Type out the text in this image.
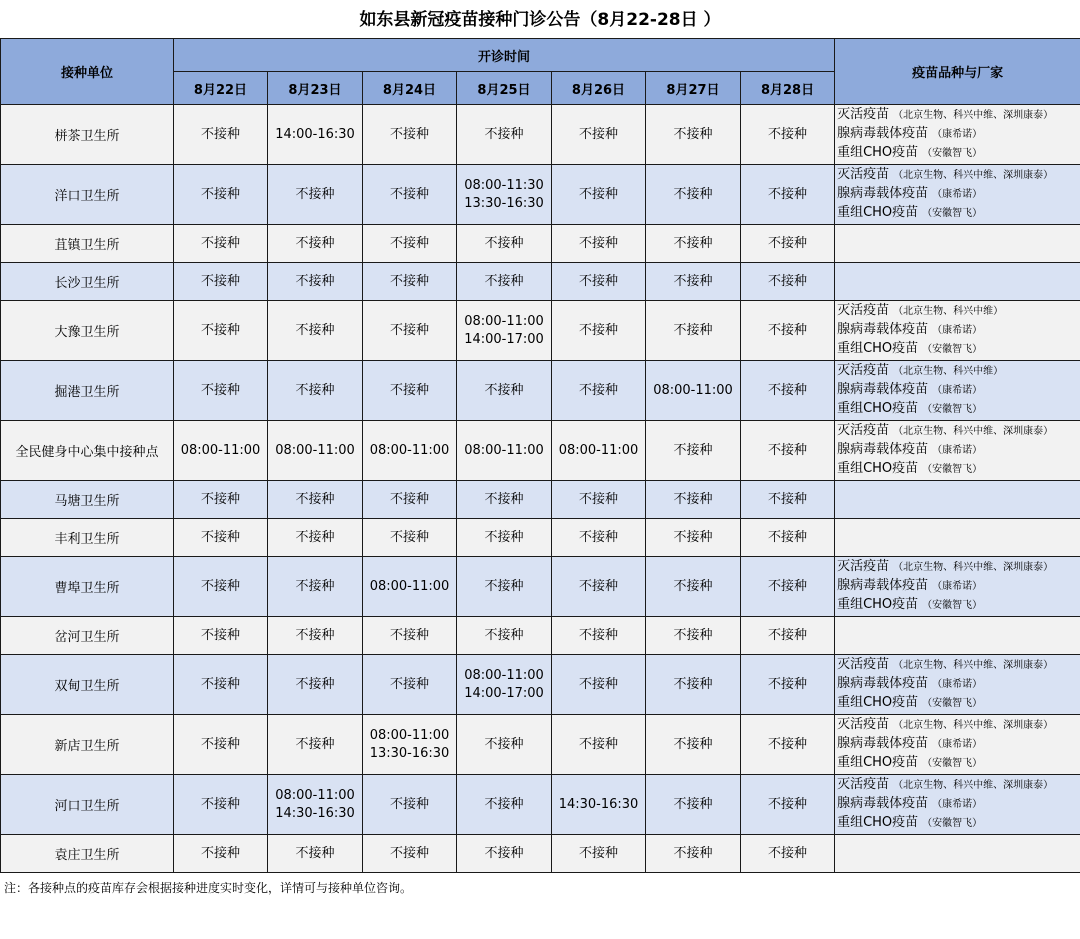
如东县新冠疫苗接种门诊公告（8月22-28日 ）
接种单位	开诊时间							疫苗品种与厂家
	8月22日	8月23日	8月24日	8月25日	8月26日	8月27日	8月28日	
栟茶卫生所	不接种	14:00-16:30	不接种	不接种	不接种	不接种	不接种	灭活疫苗 （北京生物、科兴中维、深圳康泰）
腺病毒载体疫苗 （康希诺）
重组CHO疫苗 （安徽智飞）

洋口卫生所	不接种	不接种	不接种	08:00-11:30
13:30-16:30	不接种	不接种	不接种	灭活疫苗 （北京生物、科兴中维、深圳康泰）
腺病毒载体疫苗 （康希诺）
重组CHO疫苗 （安徽智飞）

苴镇卫生所	不接种	不接种	不接种	不接种	不接种	不接种	不接种	

长沙卫生所	不接种	不接种	不接种	不接种	不接种	不接种	不接种	

大豫卫生所	不接种	不接种	不接种	08:00-11:00
14:00-17:00	不接种	不接种	不接种	灭活疫苗 （北京生物、科兴中维）
腺病毒载体疫苗 （康希诺）
重组CHO疫苗 （安徽智飞）

掘港卫生所	不接种	不接种	不接种	不接种	不接种	08:00-11:00	不接种	灭活疫苗 （北京生物、科兴中维）
腺病毒载体疫苗 （康希诺）
重组CHO疫苗 （安徽智飞）

全民健身中心集中接种点	08:00-11:00	08:00-11:00	08:00-11:00	08:00-11:00	08:00-11:00	不接种	不接种	灭活疫苗 （北京生物、科兴中维、深圳康泰）
腺病毒载体疫苗 （康希诺）
重组CHO疫苗 （安徽智飞）

马塘卫生所	不接种	不接种	不接种	不接种	不接种	不接种	不接种	

丰利卫生所	不接种	不接种	不接种	不接种	不接种	不接种	不接种	

曹埠卫生所	不接种	不接种	08:00-11:00	不接种	不接种	不接种	不接种	灭活疫苗 （北京生物、科兴中维、深圳康泰）
腺病毒载体疫苗 （康希诺）
重组CHO疫苗 （安徽智飞）

岔河卫生所	不接种	不接种	不接种	不接种	不接种	不接种	不接种	

双甸卫生所	不接种	不接种	不接种	08:00-11:00
14:00-17:00	不接种	不接种	不接种	灭活疫苗 （北京生物、科兴中维、深圳康泰）
腺病毒载体疫苗 （康希诺）
重组CHO疫苗 （安徽智飞）

新店卫生所	不接种	不接种	08:00-11:00
13:30-16:30	不接种	不接种	不接种	不接种	灭活疫苗 （北京生物、科兴中维、深圳康泰）
腺病毒载体疫苗 （康希诺）
重组CHO疫苗 （安徽智飞）

河口卫生所	不接种	08:00-11:00
14:30-16:30	不接种	不接种	14:30-16:30	不接种	不接种	灭活疫苗 （北京生物、科兴中维、深圳康泰）
腺病毒载体疫苗 （康希诺）
重组CHO疫苗 （安徽智飞）

袁庄卫生所	不接种	不接种	不接种	不接种	不接种	不接种	不接种	

注：各接种点的疫苗库存会根据接种进度实时变化，详情可与接种单位咨询。
